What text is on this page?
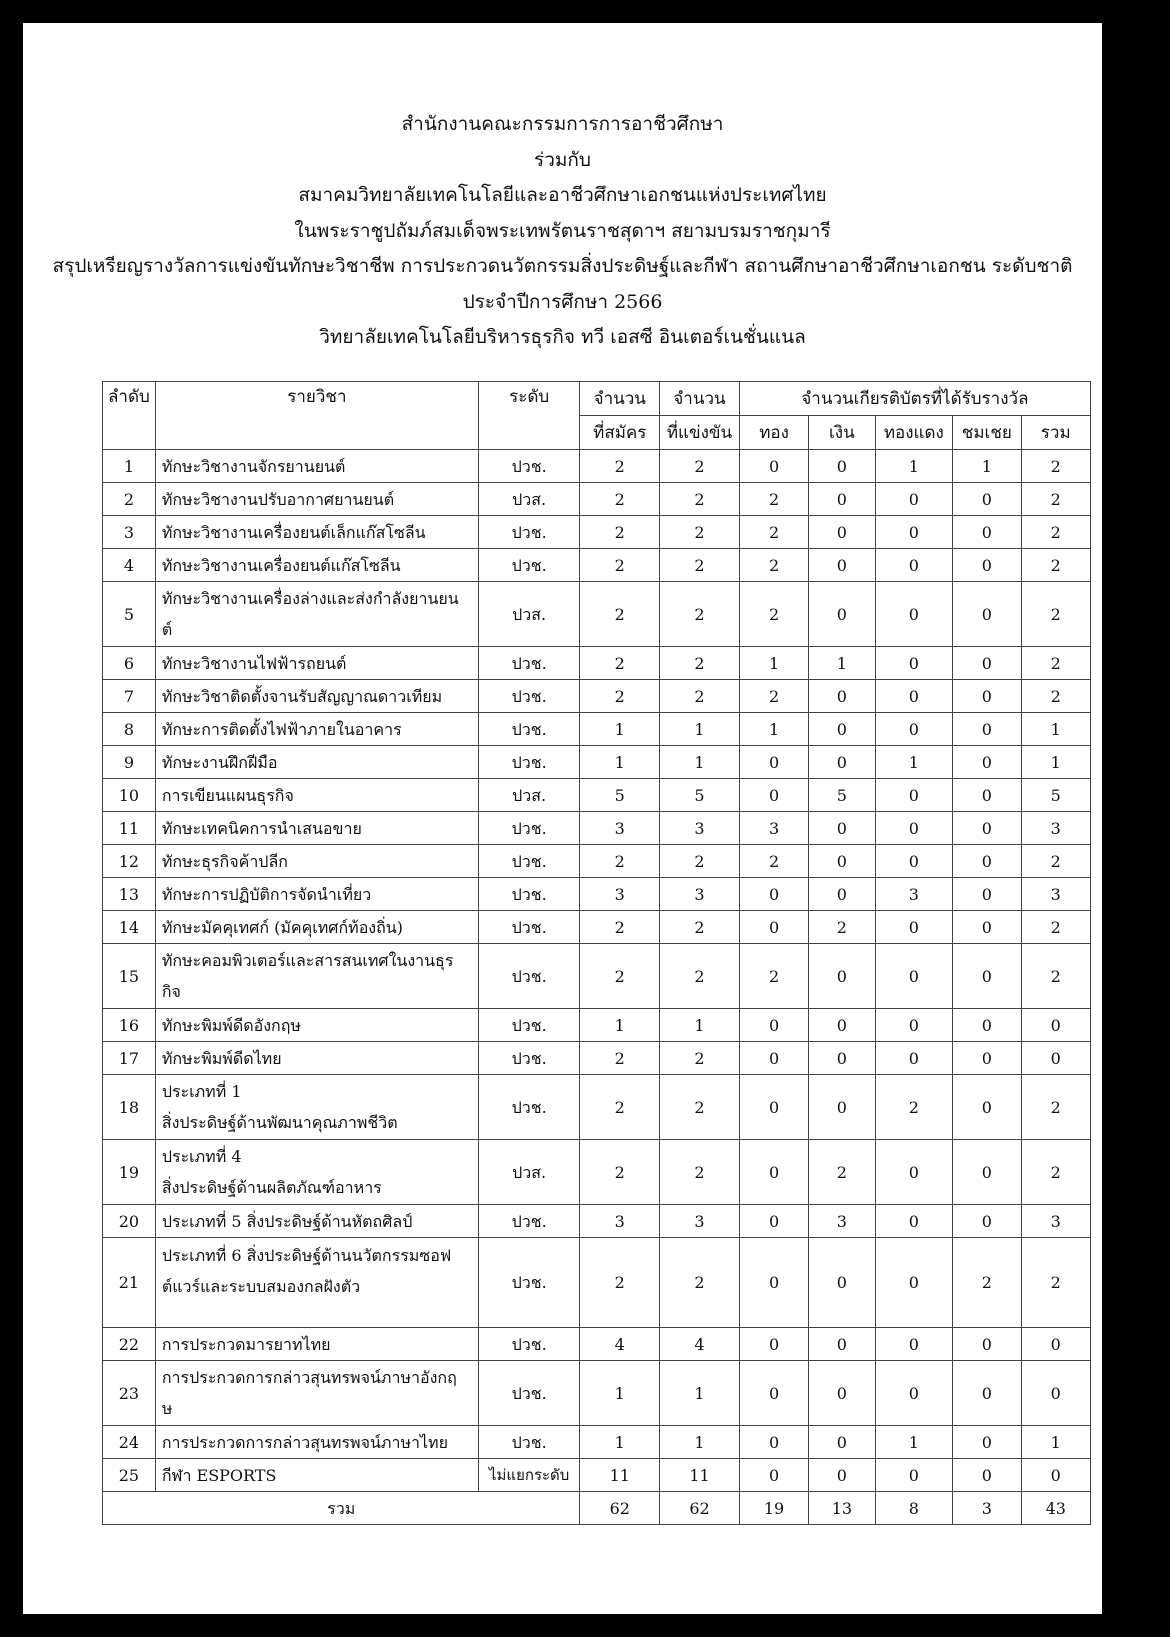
สำนักงานคณะกรรมการการอาชีวศึกษา
ร่วมกับ
สมาคมวิทยาลัยเทคโนโลยีและอาชีวศึกษาเอกชนแห่งประเทศไทย
ในพระราชูปถัมภ์สมเด็จพระเทพรัตนราชสุดาฯ สยามบรมราชกุมารี
สรุปเหรียญรางวัลการแข่งขันทักษะวิชาชีพ การประกวดนวัตกรรมสิ่งประดิษฐ์และกีฬา สถานศึกษาอาชีวศึกษาเอกชน ระดับชาติ
ประจำปีการศึกษา 2566
วิทยาลัยเทคโนโลยีบริหารธุรกิจ ทวี เอสซี อินเตอร์เนชั่นแนล
ลำดับ	รายวิชา	ระดับ	จำนวน	จำนวน	จำนวนเกียรติบัตรที่ได้รับรางวัล				
			ที่สมัคร	ที่แข่งขัน	ทอง	เงิน	ทองแดง	ชมเชย	รวม
1	ทักษะวิชางานจักรยานยนต์	ปวช.	2	2	0	0	1	1	2
2	ทักษะวิชางานปรับอากาศยานยนต์	ปวส.	2	2	2	0	0	0	2
3	ทักษะวิชางานเครื่องยนต์เล็กแก๊สโซลีน	ปวช.	2	2	2	0	0	0	2
4	ทักษะวิชางานเครื่องยนต์แก๊สโซลีน	ปวช.	2	2	2	0	0	0	2
5	ทักษะวิชางานเครื่องล่างและส่งกำลังยานยน
ต์	ปวส.	2	2	2	0	0	0	2
6	ทักษะวิชางานไฟฟ้ารถยนต์	ปวช.	2	2	1	1	0	0	2
7	ทักษะวิชาติดตั้งจานรับสัญญาณดาวเทียม	ปวช.	2	2	2	0	0	0	2
8	ทักษะการติดตั้งไฟฟ้าภายในอาคาร	ปวช.	1	1	1	0	0	0	1
9	ทักษะงานฝึกฝีมือ	ปวช.	1	1	0	0	1	0	1
10	การเขียนแผนธุรกิจ	ปวส.	5	5	0	5	0	0	5
11	ทักษะเทคนิคการนำเสนอขาย	ปวช.	3	3	3	0	0	0	3
12	ทักษะธุรกิจค้าปลีก	ปวช.	2	2	2	0	0	0	2
13	ทักษะการปฏิบัติการจัดนำเที่ยว	ปวช.	3	3	0	0	3	0	3
14	ทักษะมัคคุเทศก์ (มัคคุเทศก์ท้องถิ่น)	ปวช.	2	2	0	2	0	0	2
15	ทักษะคอมพิวเตอร์และสารสนเทศในงานธุร
กิจ	ปวช.	2	2	2	0	0	0	2
16	ทักษะพิมพ์ดีดอังกฤษ	ปวช.	1	1	0	0	0	0	0
17	ทักษะพิมพ์ดีดไทย	ปวช.	2	2	0	0	0	0	0
18	ประเภทที่ 1
สิ่งประดิษฐ์ด้านพัฒนาคุณภาพชีวิต	ปวช.	2	2	0	0	2	0	2
19	ประเภทที่ 4
สิ่งประดิษฐ์ด้านผลิตภัณฑ์อาหาร	ปวส.	2	2	0	2	0	0	2
20	ประเภทที่ 5 สิ่งประดิษฐ์ด้านหัตถศิลป์	ปวช.	3	3	0	3	0	0	3
21	ประเภทที่ 6 สิ่งประดิษฐ์ด้านนวัตกรรมซอฟ
ต์แวร์และระบบสมองกลฝังตัว	ปวช.	2	2	0	0	0	2	2
22	การประกวดมารยาทไทย	ปวช.	4	4	0	0	0	0	0
23	การประกวดการกล่าวสุนทรพจน์ภาษาอังกฤ
ษ	ปวช.	1	1	0	0	0	0	0
24	การประกวดการกล่าวสุนทรพจน์ภาษาไทย	ปวช.	1	1	0	0	1	0	1
25	กีฬา ESPORTS	ไม่แยกระดับ	11	11	0	0	0	0	0
รวม			62	62	19	13	8	3	43
